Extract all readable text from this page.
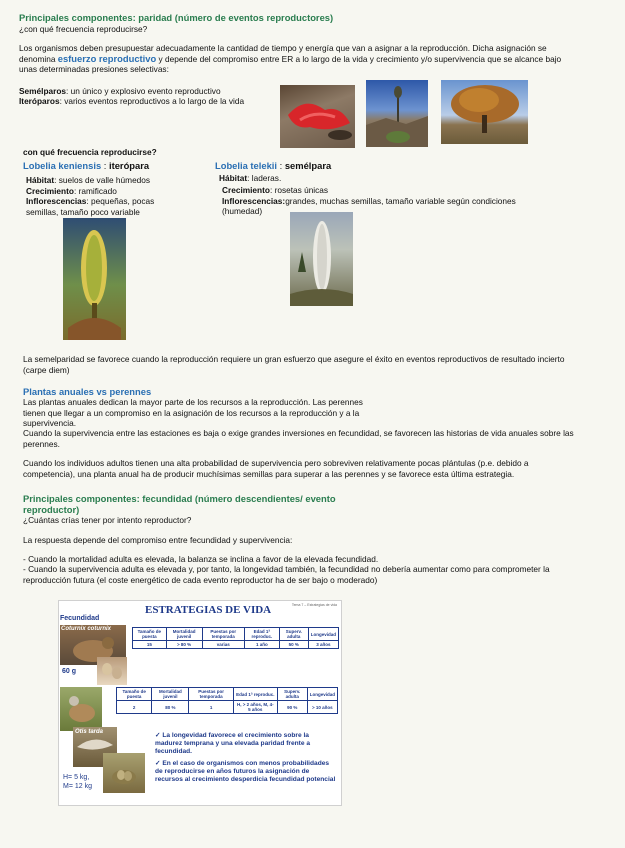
Principales componentes: paridad (número de eventos reproductores)
¿con qué frecuencia reproducirse?
Los organismos deben presupuestar adecuadamente la cantidad de tiempo y energía que van a asignar a la reproducción. Dicha asignación se denomina esfuerzo reproductivo y depende del compromiso entre ER a lo largo de la vida y crecimiento y/o supervivencia que se alcance bajo unas determinadas presiones selectivas:
Semélparos: un único y explosivo evento reproductivo
Iteróparos: varios eventos reproductivos a lo largo de la vida
con qué frecuencia reproducirse?
Lobelia keniensis : iterópara
Hábitat: suelos de valle húmedos
Crecimiento: ramificado
Inflorescencias: pequeñas, pocas semillas, tamaño poco variable
Lobelia telekii : semélpara
Hábitat: laderas.
Crecimiento: rosetas únicas
Inflorescencias:grandes, muchas semillas, tamaño variable según condiciones (humedad)
La semelparidad se favorece cuando la reproducción requiere un gran esfuerzo que asegure el éxito en eventos reproductivos de resultado incierto (carpe diem)
Plantas anuales vs perennes
Las plantas anuales dedican la mayor parte de los recursos a la reproducción. Las perennes tienen que llegar a un compromiso en la asignación de los recursos a la reproducción y a la supervivencia.
Cuando la supervivencia entre las estaciones es baja o exige grandes inversiones en fecundidad, se favorecen las historias de vida anuales sobre las perennes.
Cuando los individuos adultos tienen una alta probabilidad de supervivencia pero sobreviven relativamente pocas plántulas (p.e. debido a competencia), una planta anual ha de producir muchísimas semillas para superar a las perennes y se favorece esta última estrategia.
Principales componentes: fecundidad (número descendientes/ evento reproductor)
¿Cuántas crías tener por intento reproductor?
La respuesta depende del compromiso entre fecundidad y supervivencia:
- Cuando la mortalidad adulta es elevada, la balanza se inclina a favor de la elevada fecundidad.
- Cuando la supervivencia adulta es elevada y, por tanto, la longevidad también, la fecundidad no debería aumentar como para comprometer la reproducción futura (el coste energético de cada evento reproductor ha de ser bajo o moderado)
ESTRATEGIAS DE VIDA	Tema 7 – Estrategias de vida
Fecundidad
Coturnix coturnix
60 g
Tamaño de puesta	Mortalidad juvenil	Puestas por temporada	Edad 1ª reproduc.	Superv. adulta	Longevidad
15	> 80 %	varias	1 año	50 %	3 años
Otis tarda
H= 5 kg,
M= 12 kg
Tamaño de puesta	Mortalidad juvenil	Puestas por temporada	Edad 1ª reproduc.	Superv. adulta	Longevidad
2	80 %	1	H, > 2 años, M, 4-5 años	90 %	> 10 años
✓ La longevidad favorece el crecimiento sobre la madurez temprana y una elevada paridad frente a fecundidad.
✓ En el caso de organismos con menos probabilidades de reproducirse en años futuros la asignación de recursos al crecimiento desperdicia fecundidad potencial
